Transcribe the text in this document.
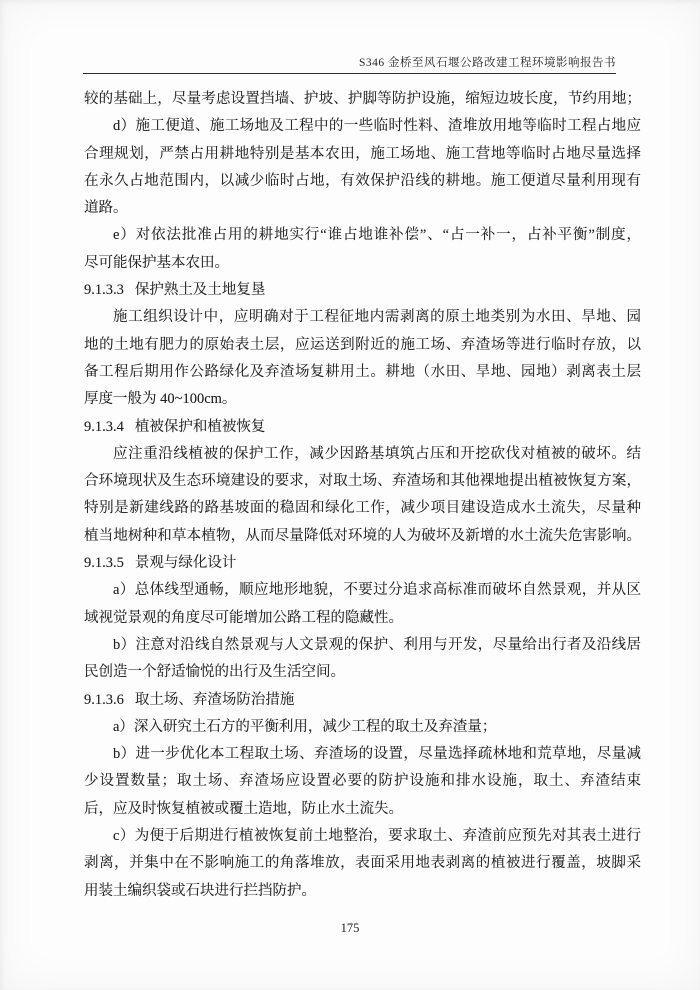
S346 金桥至风石堰公路改建工程环境影响报告书
较的基础上，尽量考虑设置挡墙、护坡、护脚等防护设施，缩短边坡长度，节约用地；
d）施工便道、施工场地及工程中的一些临时性料、渣堆放用地等临时工程占地应
合理规划，严禁占用耕地特别是基本农田，施工场地、施工营地等临时占地尽量选择
在永久占地范围内，以减少临时占地，有效保护沿线的耕地。施工便道尽量利用现有
道路。
e）对依法批准占用的耕地实行“谁占地谁补偿”、“占一补一，占补平衡”制度，
尽可能保护基本农田。
9.1.3.3 保护熟土及土地复垦
施工组织设计中，应明确对于工程征地内需剥离的原土地类别为水田、旱地、园
地的土地有肥力的原始表土层，应运送到附近的施工场、弃渣场等进行临时存放，以
备工程后期用作公路绿化及弃渣场复耕用土。耕地（水田、旱地、园地）剥离表土层
厚度一般为 40~100cm。
9.1.3.4 植被保护和植被恢复
应注重沿线植被的保护工作，减少因路基填筑占压和开挖砍伐对植被的破坏。结
合环境现状及生态环境建设的要求，对取土场、弃渣场和其他裸地提出植被恢复方案，
特别是新建线路的路基坡面的稳固和绿化工作，减少项目建设造成水土流失，尽量种
植当地树种和草本植物，从而尽量降低对环境的人为破坏及新增的水土流失危害影响。
9.1.3.5 景观与绿化设计
a）总体线型通畅，顺应地形地貌，不要过分追求高标准而破坏自然景观，并从区
域视觉景观的角度尽可能增加公路工程的隐藏性。
b）注意对沿线自然景观与人文景观的保护、利用与开发，尽量给出行者及沿线居
民创造一个舒适愉悦的出行及生活空间。
9.1.3.6 取土场、弃渣场防治措施
a）深入研究土石方的平衡利用，减少工程的取土及弃渣量；
b）进一步优化本工程取土场、弃渣场的设置，尽量选择疏林地和荒草地，尽量减
少设置数量；取土场、弃渣场应设置必要的防护设施和排水设施，取土、弃渣结束
后，应及时恢复植被或覆土造地，防止水土流失。
c）为便于后期进行植被恢复前土地整治，要求取土、弃渣前应预先对其表土进行
剥离，并集中在不影响施工的角落堆放，表面采用地表剥离的植被进行覆盖，坡脚采
用装土编织袋或石块进行拦挡防护。
175
